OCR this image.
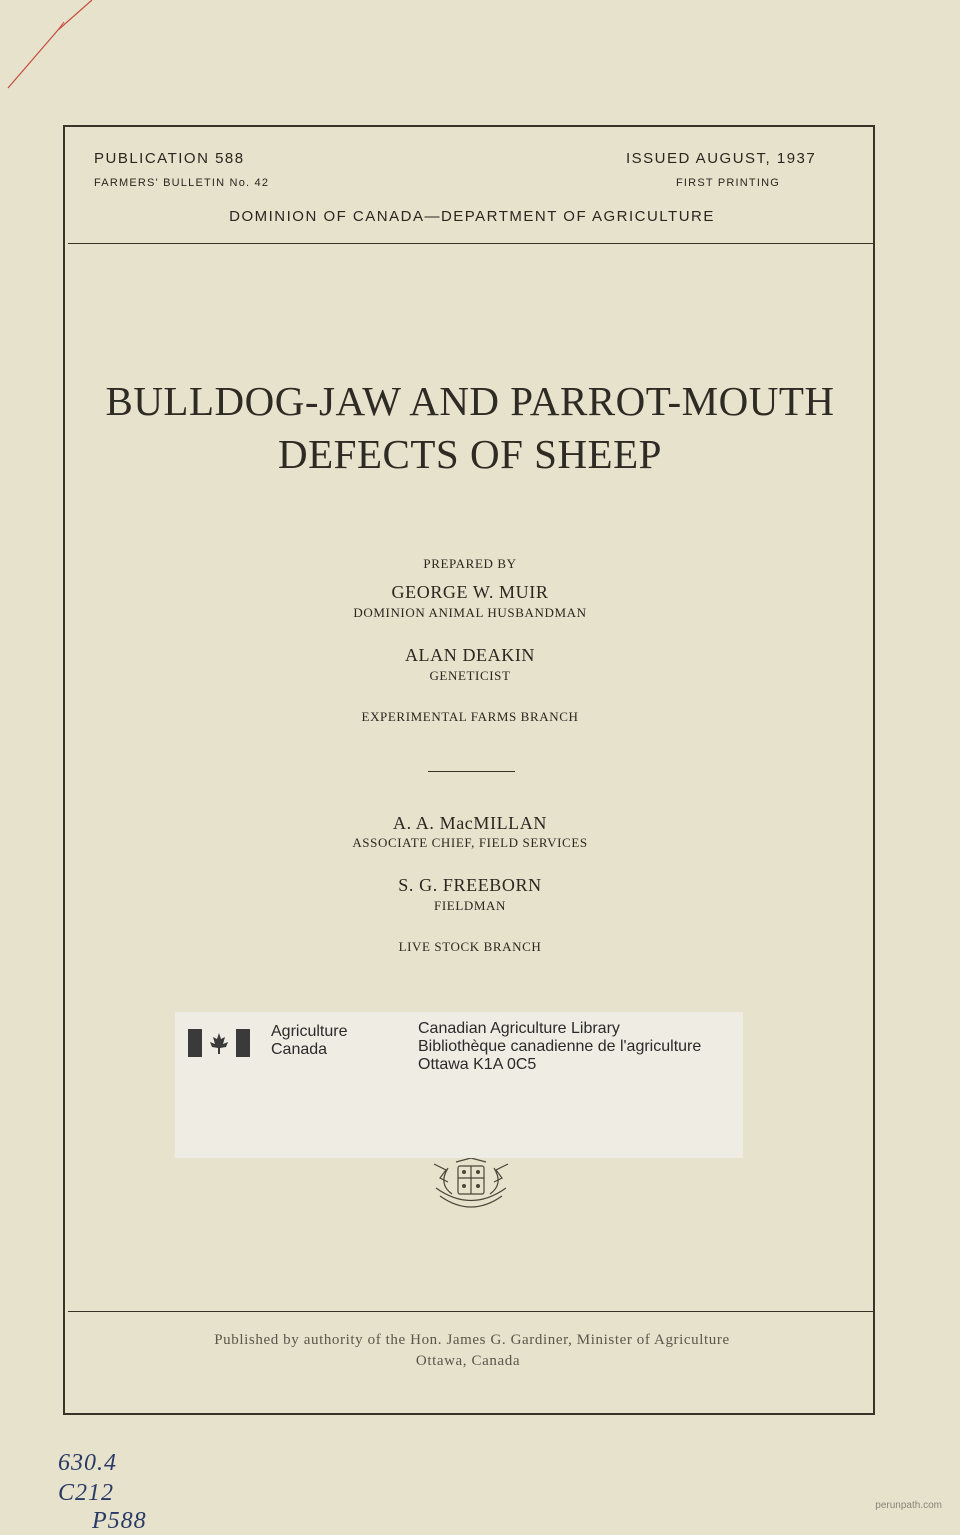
PUBLICATION 588
FARMERS' BULLETIN No. 42
ISSUED AUGUST, 1937
FIRST PRINTING
DOMINION OF CANADA—DEPARTMENT OF AGRICULTURE
BULLDOG-JAW AND PARROT-MOUTH
DEFECTS OF SHEEP
PREPARED BY
GEORGE W. MUIR
DOMINION ANIMAL HUSBANDMAN
ALAN DEAKIN
GENETICIST
EXPERIMENTAL FARMS BRANCH
A. A. MacMILLAN
ASSOCIATE CHIEF, FIELD SERVICES
S. G. FREEBORN
FIELDMAN
LIVE STOCK BRANCH
Agriculture
Canada
Canadian Agriculture Library
Bibliothèque canadienne de l'agriculture
Ottawa K1A 0C5
Published by authority of the Hon. James G. Gardiner, Minister of Agriculture
Ottawa, Canada
630.4
C212
P588
perunpath.com
